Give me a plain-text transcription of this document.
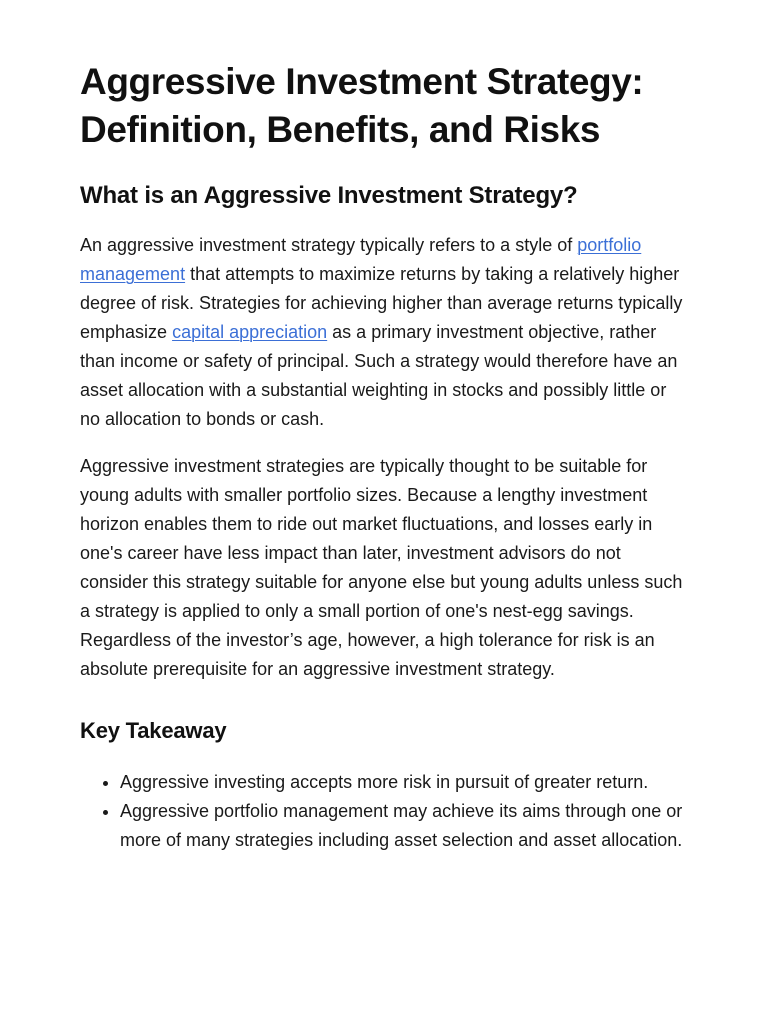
Aggressive Investment Strategy: Definition, Benefits, and Risks
What is an Aggressive Investment Strategy?

An aggressive investment strategy typically refers to a style of portfolio management that attempts to maximize returns by taking a relatively higher degree of risk. Strategies for achieving higher than average returns typically emphasize capital appreciation as a primary investment objective, rather than income or safety of principal. Such a strategy would therefore have an asset allocation with a substantial weighting in stocks and possibly little or no allocation to bonds or cash.

Aggressive investment strategies are typically thought to be suitable for young adults with smaller portfolio sizes. Because a lengthy investment horizon enables them to ride out market fluctuations, and losses early in one's career have less impact than later, investment advisors do not consider this strategy suitable for anyone else but young adults unless such a strategy is applied to only a small portion of one's nest-egg savings. Regardless of the investor’s age, however, a high tolerance for risk is an absolute prerequisite for an aggressive investment strategy.

Key Takeaway
• Aggressive investing accepts more risk in pursuit of greater return.
• Aggressive portfolio management may achieve its aims through one or more of many strategies including asset selection and asset allocation.
